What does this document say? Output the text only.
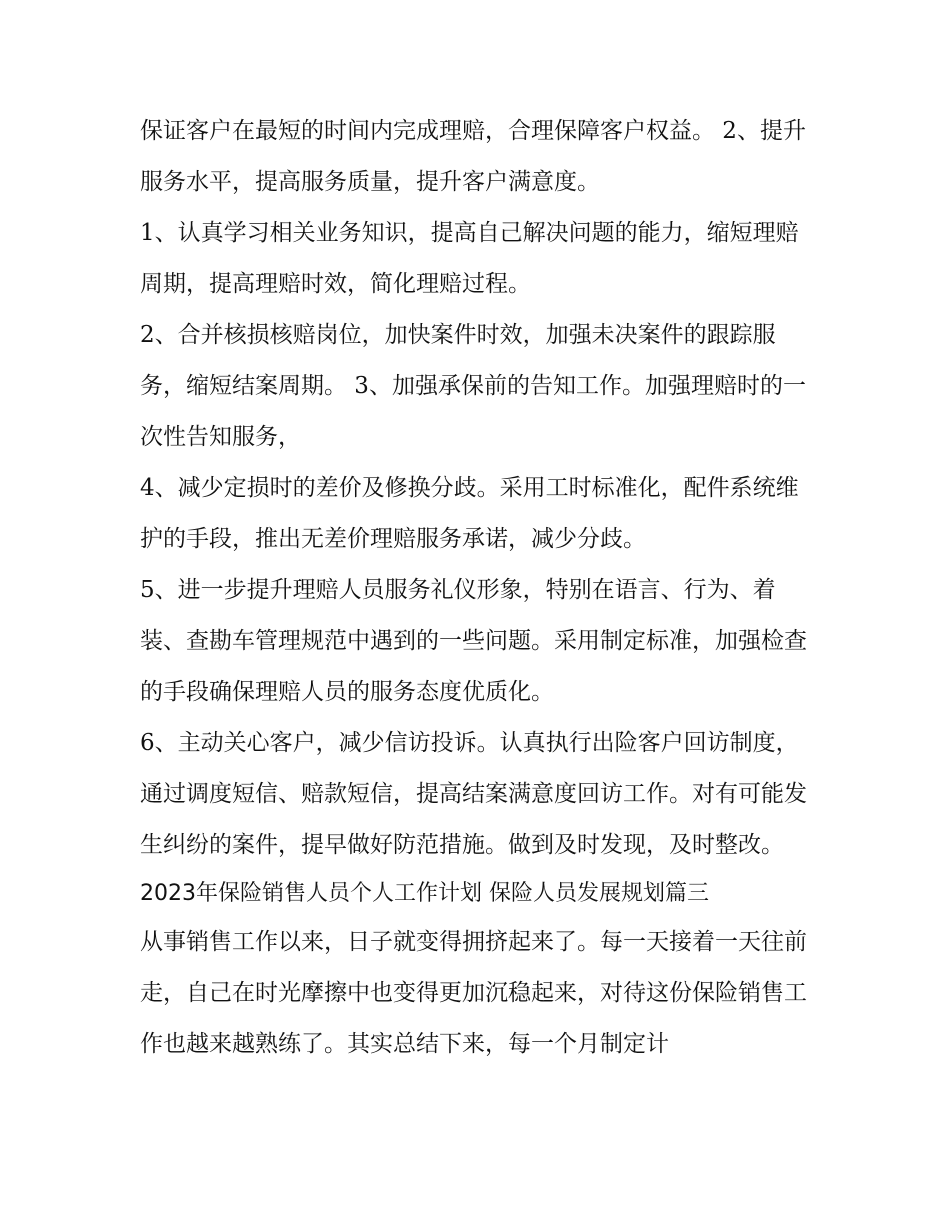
保证客户在最短的时间内完成理赔，合理保障客户权益。 2、提升服务水平，提高服务质量，提升客户满意度。

1、认真学习相关业务知识，提高自己解决问题的能力，缩短理赔周期，提高理赔时效，简化理赔过程。

2、合并核损核赔岗位，加快案件时效，加强未决案件的跟踪服务，缩短结案周期。 3、加强承保前的告知工作。加强理赔时的一次性告知服务，

4、减少定损时的差价及修换分歧。采用工时标准化，配件系统维护的手段，推出无差价理赔服务承诺，减少分歧。

5、进一步提升理赔人员服务礼仪形象，特别在语言、行为、着装、查勘车管理规范中遇到的一些问题。采用制定标准，加强检查的手段确保理赔人员的服务态度优质化。

6、主动关心客户，减少信访投诉。认真执行出险客户回访制度，通过调度短信、赔款短信，提高结案满意度回访工作。对有可能发生纠纷的案件，提早做好防范措施。做到及时发现，及时整改。

2023年保险销售人员个人工作计划 保险人员发展规划篇三

从事销售工作以来，日子就变得拥挤起来了。每一天接着一天往前走，自己在时光摩擦中也变得更加沉稳起来，对待这份保险销售工作也越来越熟练了。其实总结下来，每一个月制定计
